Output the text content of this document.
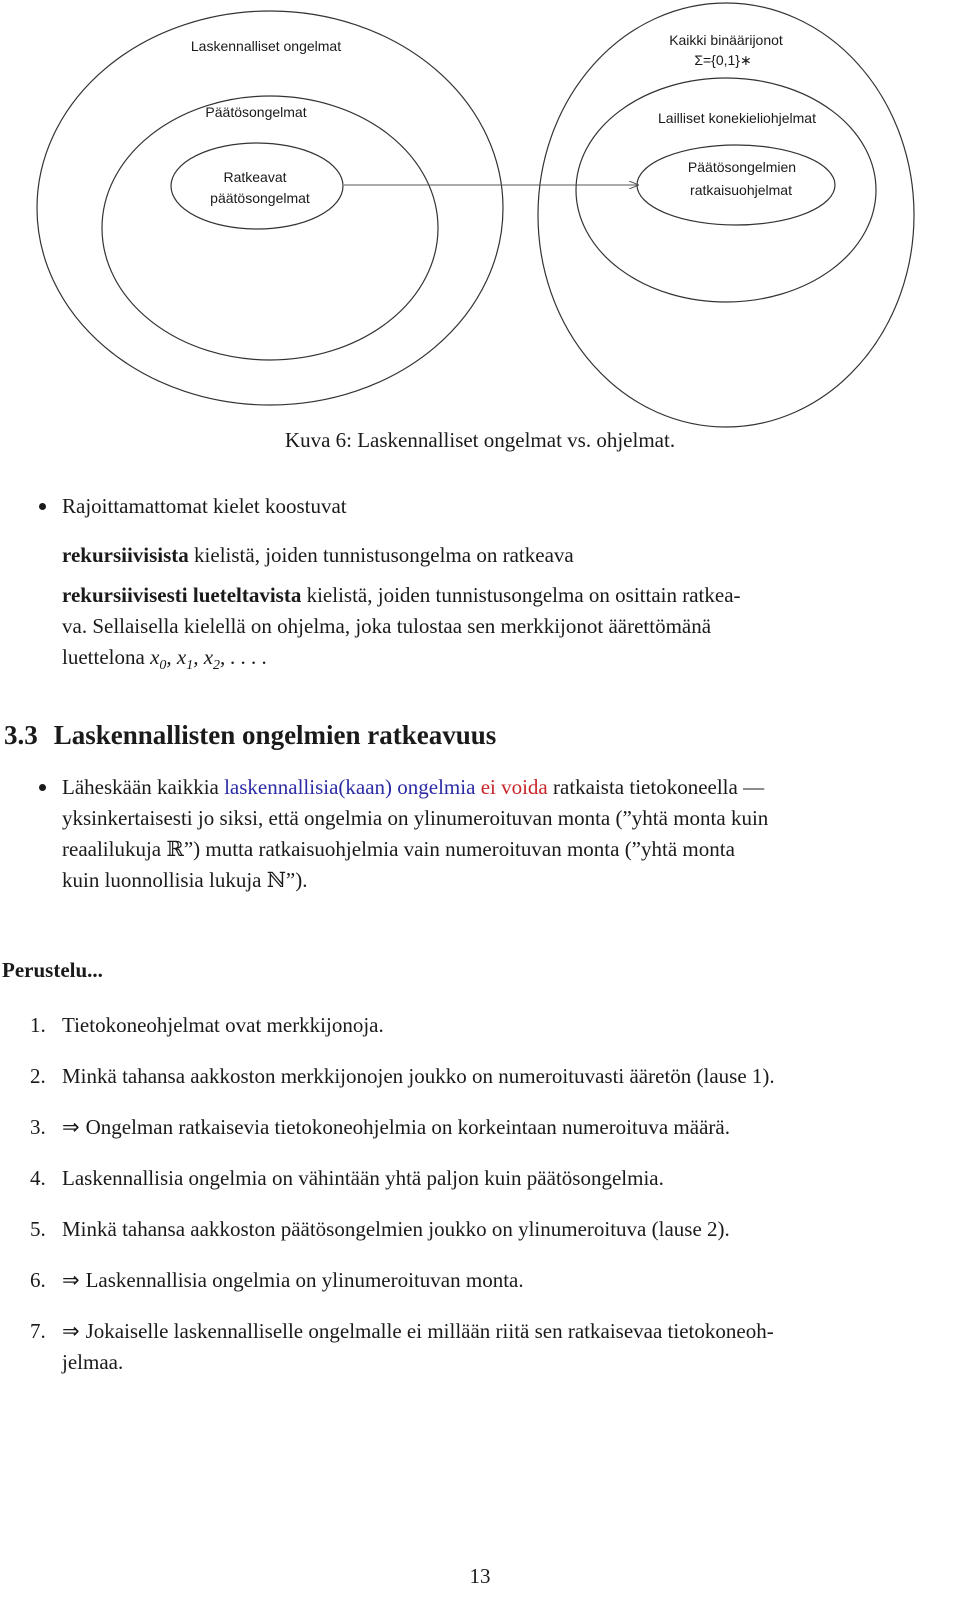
Laskennalliset ongelmat
Päätösongelmat
Ratkeavat
päätösongelmat
Kaikki binäärijonot
Σ={0,1}∗
Lailliset konekieliohjelmat
Päätösongelmien
ratkaisuohjelmat
Kuva 6: Laskennalliset ongelmat vs. ohjelmat.
Rajoittamattomat kielet koostuvat
rekursiivisista kielistä, joiden tunnistusongelma on ratkeava
rekursiivisesti lueteltavista kielistä, joiden tunnistusongelma on osittain ratkea-
va. Sellaisella kielellä on ohjelma, joka tulostaa sen merkkijonot äärettömänä
luettelona $x_0$, $x_1$, $x_2$, . . . .
3.3 Laskennallisten ongelmien ratkeavuus
Läheskään kaikkia laskennallisia(kaan) ongelmia ei voida ratkaista tietokoneella —
yksinkertaisesti jo siksi, että ongelmia on ylinumeroituvan monta (”yhtä monta kuin
reaalilukuja ℝ”) mutta ratkaisuohjelmia vain numeroituvan monta (”yhtä monta
kuin luonnollisia lukuja ℕ”).
Perustelu...
1. Tietokoneohjelmat ovat merkkijonoja.
2. Minkä tahansa aakkoston merkkijonojen joukko on numeroituvasti ääretön (lause 1).
3. ⇒ Ongelman ratkaisevia tietokoneohjelmia on korkeintaan numeroituva määrä.
4. Laskennallisia ongelmia on vähintään yhtä paljon kuin päätösongelmia.
5. Minkä tahansa aakkoston päätösongelmien joukko on ylinumeroituva (lause 2).
6. ⇒ Laskennallisia ongelmia on ylinumeroituvan monta.
7. ⇒ Jokaiselle laskennalliselle ongelmalle ei millään riitä sen ratkaisevaa tietokoneoh-
jelmaa.
13
